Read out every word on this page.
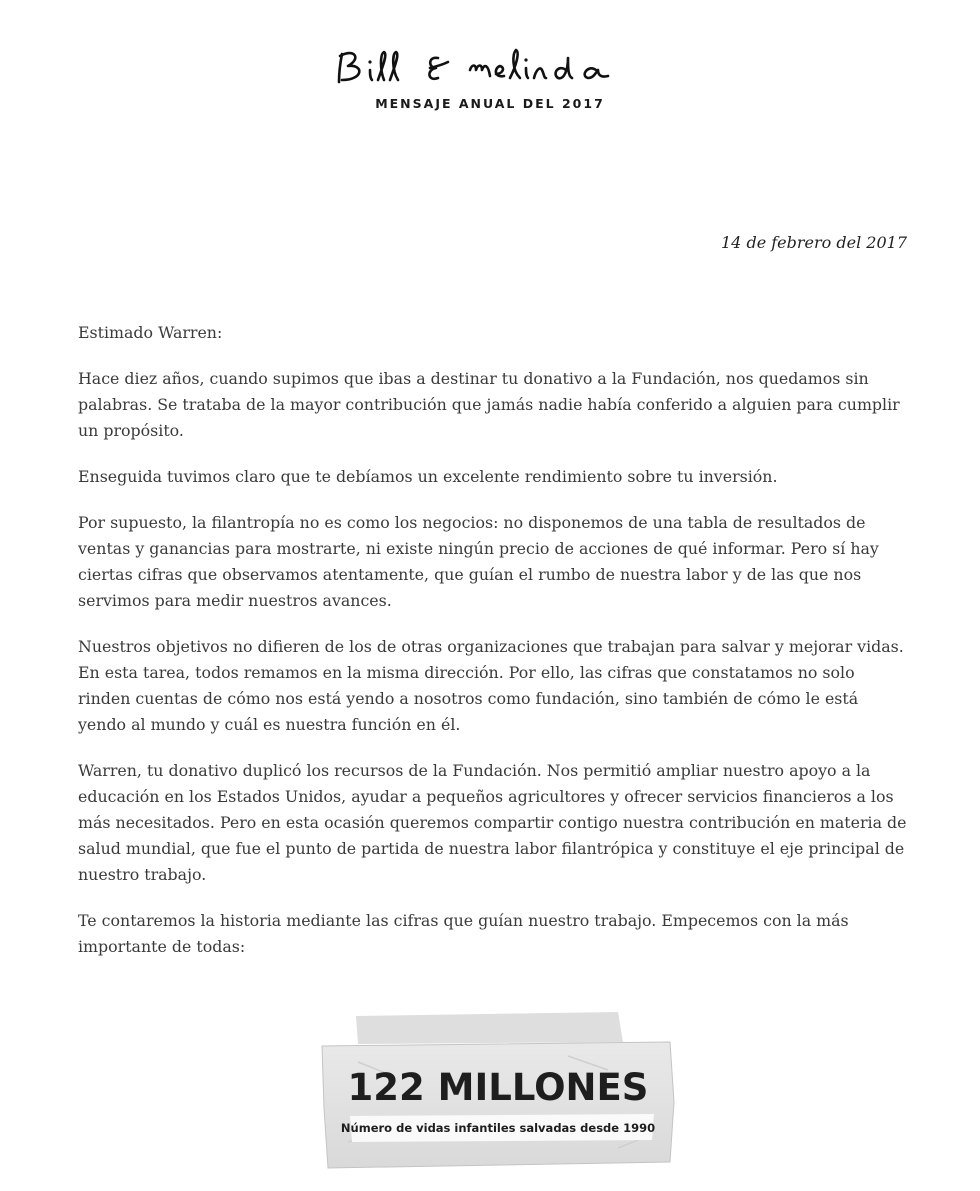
MENSAJE ANUAL DEL 2017
14 de febrero del 2017

Estimado Warren:

Hace diez años, cuando supimos que ibas a destinar tu donativo a la Fundación, nos quedamos sin palabras. Se trataba de la mayor contribución que jamás nadie había conferido a alguien para cumplir un propósito.

Enseguida tuvimos claro que te debíamos un excelente rendimiento sobre tu inversión.

Por supuesto, la filantropía no es como los negocios: no disponemos de una tabla de resultados de ventas y ganancias para mostrarte, ni existe ningún precio de acciones de qué informar. Pero sí hay ciertas cifras que observamos atentamente, que guían el rumbo de nuestra labor y de las que nos servimos para medir nuestros avances.

Nuestros objetivos no difieren de los de otras organizaciones que trabajan para salvar y mejorar vidas. En esta tarea, todos remamos en la misma dirección. Por ello, las cifras que constatamos no solo rinden cuentas de cómo nos está yendo a nosotros como fundación, sino también de cómo le está yendo al mundo y cuál es nuestra función en él.

Warren, tu donativo duplicó los recursos de la Fundación. Nos permitió ampliar nuestro apoyo a la educación en los Estados Unidos, ayudar a pequeños agricultores y ofrecer servicios financieros a los más necesitados. Pero en esta ocasión queremos compartir contigo nuestra contribución en materia de salud mundial, que fue el punto de partida de nuestra labor filantrópica y constituye el eje principal de nuestro trabajo.

Te contaremos la historia mediante las cifras que guían nuestro trabajo. Empecemos con la más importante de todas:

122 MILLONES
Número de vidas infantiles salvadas desde 1990
